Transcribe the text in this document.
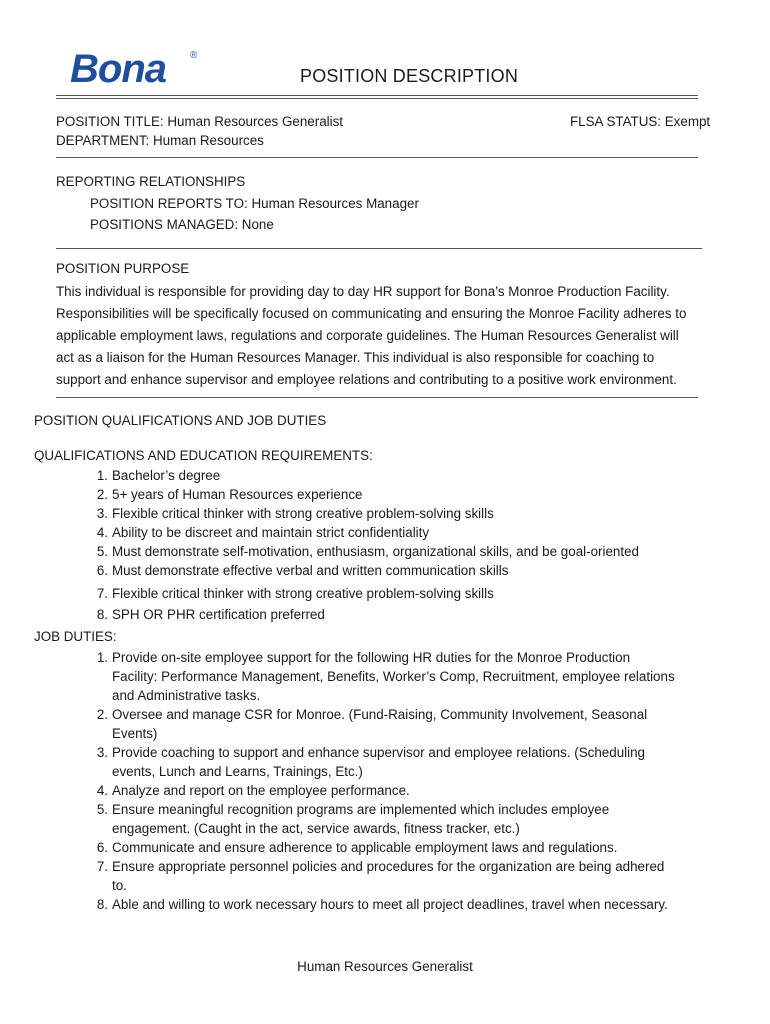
Bona ®
POSITION DESCRIPTION
POSITION TITLE: Human Resources Generalist	FLSA STATUS: Exempt
DEPARTMENT: Human Resources
REPORTING RELATIONSHIPS
POSITION REPORTS TO: Human Resources Manager
POSITIONS MANAGED: None
POSITION PURPOSE
This individual is responsible for providing day to day HR support for Bona’s Monroe Production Facility.
Responsibilities will be specifically focused on communicating and ensuring the Monroe Facility adheres to
applicable employment laws, regulations and corporate guidelines. The Human Resources Generalist will
act as a liaison for the Human Resources Manager. This individual is also responsible for coaching to
support and enhance supervisor and employee relations and contributing to a positive work environment.
POSITION QUALIFICATIONS AND JOB DUTIES
QUALIFICATIONS AND EDUCATION REQUIREMENTS:
1. Bachelor’s degree
2. 5+ years of Human Resources experience
3. Flexible critical thinker with strong creative problem-solving skills
4. Ability to be discreet and maintain strict confidentiality
5. Must demonstrate self-motivation, enthusiasm, organizational skills, and be goal-oriented
6. Must demonstrate effective verbal and written communication skills
7. Flexible critical thinker with strong creative problem-solving skills
8. SPH OR PHR certification preferred
JOB DUTIES:
1. Provide on-site employee support for the following HR duties for the Monroe Production
Facility: Performance Management, Benefits, Worker’s Comp, Recruitment, employee relations
and Administrative tasks.
2. Oversee and manage CSR for Monroe. (Fund-Raising, Community Involvement, Seasonal
Events)
3. Provide coaching to support and enhance supervisor and employee relations. (Scheduling
events, Lunch and Learns, Trainings, Etc.)
4. Analyze and report on the employee performance.
5. Ensure meaningful recognition programs are implemented which includes employee
engagement. (Caught in the act, service awards, fitness tracker, etc.)
6. Communicate and ensure adherence to applicable employment laws and regulations.
7. Ensure appropriate personnel policies and procedures for the organization are being adhered
to.
8. Able and willing to work necessary hours to meet all project deadlines, travel when necessary.
Human Resources Generalist
